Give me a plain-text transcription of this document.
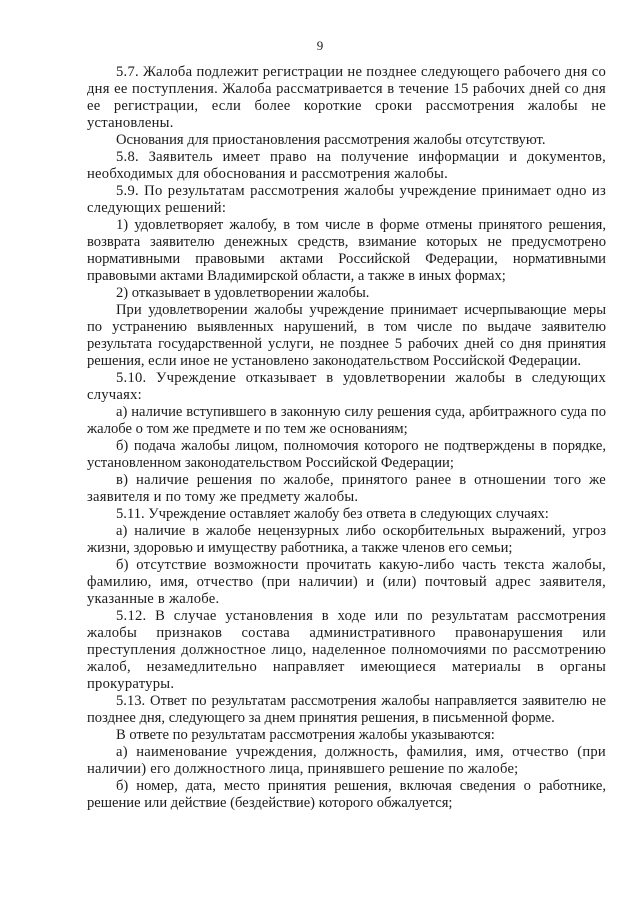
9

5.7. Жалоба подлежит регистрации не позднее следующего рабочего дня со дня ее поступления. Жалоба рассматривается в течение 15 рабочих дней со дня ее регистрации, если более короткие сроки рассмотрения жалобы не установлены.

Основания для приостановления рассмотрения жалобы отсутствуют.

5.8. Заявитель имеет право на получение информации и документов, необходимых для обоснования и рассмотрения жалобы.

5.9. По результатам рассмотрения жалобы учреждение принимает одно из следующих решений:

1) удовлетворяет жалобу, в том числе в форме отмены принятого решения, возврата заявителю денежных средств, взимание которых не предусмотрено нормативными правовыми актами Российской Федерации, нормативными правовыми актами Владимирской области, а также в иных формах;

2) отказывает в удовлетворении жалобы.

При удовлетворении жалобы учреждение принимает исчерпывающие меры по устранению выявленных нарушений, в том числе по выдаче заявителю результата государственной услуги, не позднее 5 рабочих дней со дня принятия решения, если иное не установлено законодательством Российской Федерации.

5.10. Учреждение отказывает в удовлетворении жалобы в следующих случаях:

а) наличие вступившего в законную силу решения суда, арбитражного суда по жалобе о том же предмете и по тем же основаниям;

б) подача жалобы лицом, полномочия которого не подтверждены в порядке, установленном законодательством Российской Федерации;

в) наличие решения по жалобе, принятого ранее в отношении того же заявителя и по тому же предмету жалобы.

5.11. Учреждение оставляет жалобу без ответа в следующих случаях:

а) наличие в жалобе нецензурных либо оскорбительных выражений, угроз жизни, здоровью и имуществу работника, а также членов его семьи;

б) отсутствие возможности прочитать какую-либо часть текста жалобы, фамилию, имя, отчество (при наличии) и (или) почтовый адрес заявителя, указанные в жалобе.

5.12. В случае установления в ходе или по результатам рассмотрения жалобы признаков состава административного правонарушения или преступления должностное лицо, наделенное полномочиями по рассмотрению жалоб, незамедлительно направляет имеющиеся материалы в органы прокуратуры.

5.13. Ответ по результатам рассмотрения жалобы направляется заявителю не позднее дня, следующего за днем принятия решения, в письменной форме.

В ответе по результатам рассмотрения жалобы указываются:

а) наименование учреждения, должность, фамилия, имя, отчество (при наличии) его должностного лица, принявшего решение по жалобе;

б) номер, дата, место принятия решения, включая сведения о работнике, решение или действие (бездействие) которого обжалуется;
